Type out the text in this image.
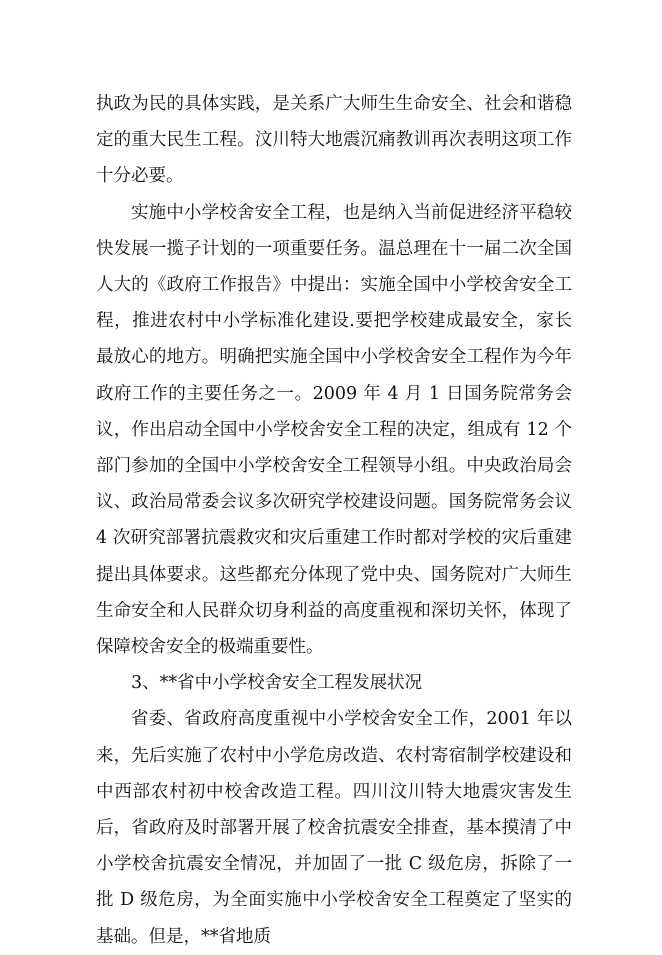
执政为民的具体实践，是关系广大师生生命安全、社会和谐稳定的重大民生工程。汶川特大地震沉痛教训再次表明这项工作十分必要。

实施中小学校舍安全工程，也是纳入当前促进经济平稳较快发展一揽子计划的一项重要任务。温总理在十一届二次全国人大的《政府工作报告》中提出：实施全国中小学校舍安全工程，推进农村中小学标准化建设.要把学校建成最安全，家长最放心的地方。明确把实施全国中小学校舍安全工程作为今年政府工作的主要任务之一。2009 年 4 月 1 日国务院常务会议，作出启动全国中小学校舍安全工程的决定，组成有 12 个部门参加的全国中小学校舍安全工程领导小组。中央政治局会议、政治局常委会议多次研究学校建设问题。国务院常务会议 4 次研究部署抗震救灾和灾后重建工作时都对学校的灾后重建提出具体要求。这些都充分体现了党中央、国务院对广大师生生命安全和人民群众切身利益的高度重视和深切关怀，体现了保障校舍安全的极端重要性。

3、**省中小学校舍安全工程发展状况

省委、省政府高度重视中小学校舍安全工作，2001 年以来，先后实施了农村中小学危房改造、农村寄宿制学校建设和中西部农村初中校舍改造工程。四川汶川特大地震灾害发生后，省政府及时部署开展了校舍抗震安全排查，基本摸清了中小学校舍抗震安全情况，并加固了一批 C 级危房，拆除了一批 D 级危房，为全面实施中小学校舍安全工程奠定了坚实的基础。但是，**省地质
